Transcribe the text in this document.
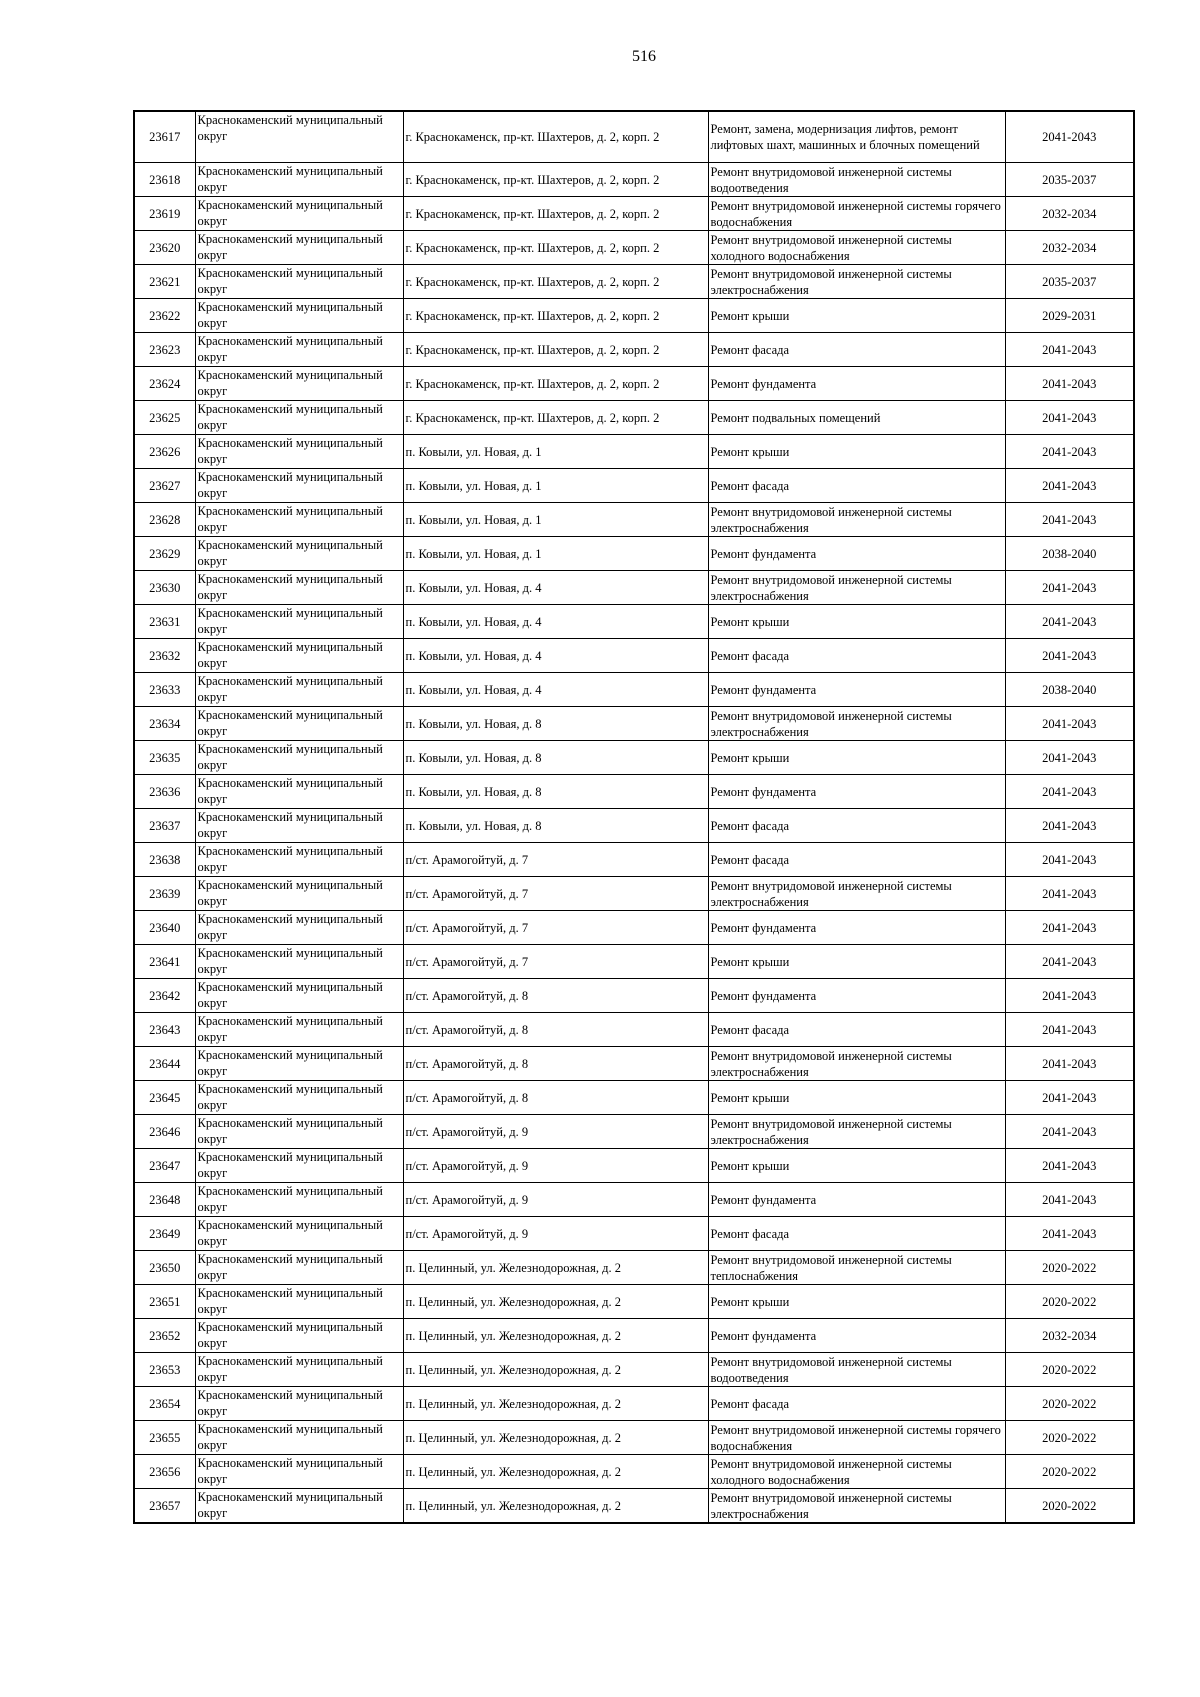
516
23617	Краснокаменский муниципальный округ	г. Краснокаменск, пр-кт. Шахтеров, д. 2, корп. 2	Ремонт, замена, модернизация лифтов, ремонт лифтовых шахт, машинных и блочных помещений	2041-2043
23618	Краснокаменский муниципальный округ	г. Краснокаменск, пр-кт. Шахтеров, д. 2, корп. 2	Ремонт внутридомовой инженерной системы водоотведения	2035-2037
23619	Краснокаменский муниципальный округ	г. Краснокаменск, пр-кт. Шахтеров, д. 2, корп. 2	Ремонт внутридомовой инженерной системы горячего водоснабжения	2032-2034
23620	Краснокаменский муниципальный округ	г. Краснокаменск, пр-кт. Шахтеров, д. 2, корп. 2	Ремонт внутридомовой инженерной системы холодного водоснабжения	2032-2034
23621	Краснокаменский муниципальный округ	г. Краснокаменск, пр-кт. Шахтеров, д. 2, корп. 2	Ремонт внутридомовой инженерной системы электроснабжения	2035-2037
23622	Краснокаменский муниципальный округ	г. Краснокаменск, пр-кт. Шахтеров, д. 2, корп. 2	Ремонт крыши	2029-2031
23623	Краснокаменский муниципальный округ	г. Краснокаменск, пр-кт. Шахтеров, д. 2, корп. 2	Ремонт фасада	2041-2043
23624	Краснокаменский муниципальный округ	г. Краснокаменск, пр-кт. Шахтеров, д. 2, корп. 2	Ремонт фундамента	2041-2043
23625	Краснокаменский муниципальный округ	г. Краснокаменск, пр-кт. Шахтеров, д. 2, корп. 2	Ремонт подвальных помещений	2041-2043
23626	Краснокаменский муниципальный округ	п. Ковыли, ул. Новая, д. 1	Ремонт крыши	2041-2043
23627	Краснокаменский муниципальный округ	п. Ковыли, ул. Новая, д. 1	Ремонт фасада	2041-2043
23628	Краснокаменский муниципальный округ	п. Ковыли, ул. Новая, д. 1	Ремонт внутридомовой инженерной системы электроснабжения	2041-2043
23629	Краснокаменский муниципальный округ	п. Ковыли, ул. Новая, д. 1	Ремонт фундамента	2038-2040
23630	Краснокаменский муниципальный округ	п. Ковыли, ул. Новая, д. 4	Ремонт внутридомовой инженерной системы электроснабжения	2041-2043
23631	Краснокаменский муниципальный округ	п. Ковыли, ул. Новая, д. 4	Ремонт крыши	2041-2043
23632	Краснокаменский муниципальный округ	п. Ковыли, ул. Новая, д. 4	Ремонт фасада	2041-2043
23633	Краснокаменский муниципальный округ	п. Ковыли, ул. Новая, д. 4	Ремонт фундамента	2038-2040
23634	Краснокаменский муниципальный округ	п. Ковыли, ул. Новая, д. 8	Ремонт внутридомовой инженерной системы электроснабжения	2041-2043
23635	Краснокаменский муниципальный округ	п. Ковыли, ул. Новая, д. 8	Ремонт крыши	2041-2043
23636	Краснокаменский муниципальный округ	п. Ковыли, ул. Новая, д. 8	Ремонт фундамента	2041-2043
23637	Краснокаменский муниципальный округ	п. Ковыли, ул. Новая, д. 8	Ремонт фасада	2041-2043
23638	Краснокаменский муниципальный округ	п/ст. Арамогойтуй, д. 7	Ремонт фасада	2041-2043
23639	Краснокаменский муниципальный округ	п/ст. Арамогойтуй, д. 7	Ремонт внутридомовой инженерной системы электроснабжения	2041-2043
23640	Краснокаменский муниципальный округ	п/ст. Арамогойтуй, д. 7	Ремонт фундамента	2041-2043
23641	Краснокаменский муниципальный округ	п/ст. Арамогойтуй, д. 7	Ремонт крыши	2041-2043
23642	Краснокаменский муниципальный округ	п/ст. Арамогойтуй, д. 8	Ремонт фундамента	2041-2043
23643	Краснокаменский муниципальный округ	п/ст. Арамогойтуй, д. 8	Ремонт фасада	2041-2043
23644	Краснокаменский муниципальный округ	п/ст. Арамогойтуй, д. 8	Ремонт внутридомовой инженерной системы электроснабжения	2041-2043
23645	Краснокаменский муниципальный округ	п/ст. Арамогойтуй, д. 8	Ремонт крыши	2041-2043
23646	Краснокаменский муниципальный округ	п/ст. Арамогойтуй, д. 9	Ремонт внутридомовой инженерной системы электроснабжения	2041-2043
23647	Краснокаменский муниципальный округ	п/ст. Арамогойтуй, д. 9	Ремонт крыши	2041-2043
23648	Краснокаменский муниципальный округ	п/ст. Арамогойтуй, д. 9	Ремонт фундамента	2041-2043
23649	Краснокаменский муниципальный округ	п/ст. Арамогойтуй, д. 9	Ремонт фасада	2041-2043
23650	Краснокаменский муниципальный округ	п. Целинный, ул. Железнодорожная, д. 2	Ремонт внутридомовой инженерной системы теплоснабжения	2020-2022
23651	Краснокаменский муниципальный округ	п. Целинный, ул. Железнодорожная, д. 2	Ремонт крыши	2020-2022
23652	Краснокаменский муниципальный округ	п. Целинный, ул. Железнодорожная, д. 2	Ремонт фундамента	2032-2034
23653	Краснокаменский муниципальный округ	п. Целинный, ул. Железнодорожная, д. 2	Ремонт внутридомовой инженерной системы водоотведения	2020-2022
23654	Краснокаменский муниципальный округ	п. Целинный, ул. Железнодорожная, д. 2	Ремонт фасада	2020-2022
23655	Краснокаменский муниципальный округ	п. Целинный, ул. Железнодорожная, д. 2	Ремонт внутридомовой инженерной системы горячего водоснабжения	2020-2022
23656	Краснокаменский муниципальный округ	п. Целинный, ул. Железнодорожная, д. 2	Ремонт внутридомовой инженерной системы холодного водоснабжения	2020-2022
23657	Краснокаменский муниципальный округ	п. Целинный, ул. Железнодорожная, д. 2	Ремонт внутридомовой инженерной системы электроснабжения	2020-2022
